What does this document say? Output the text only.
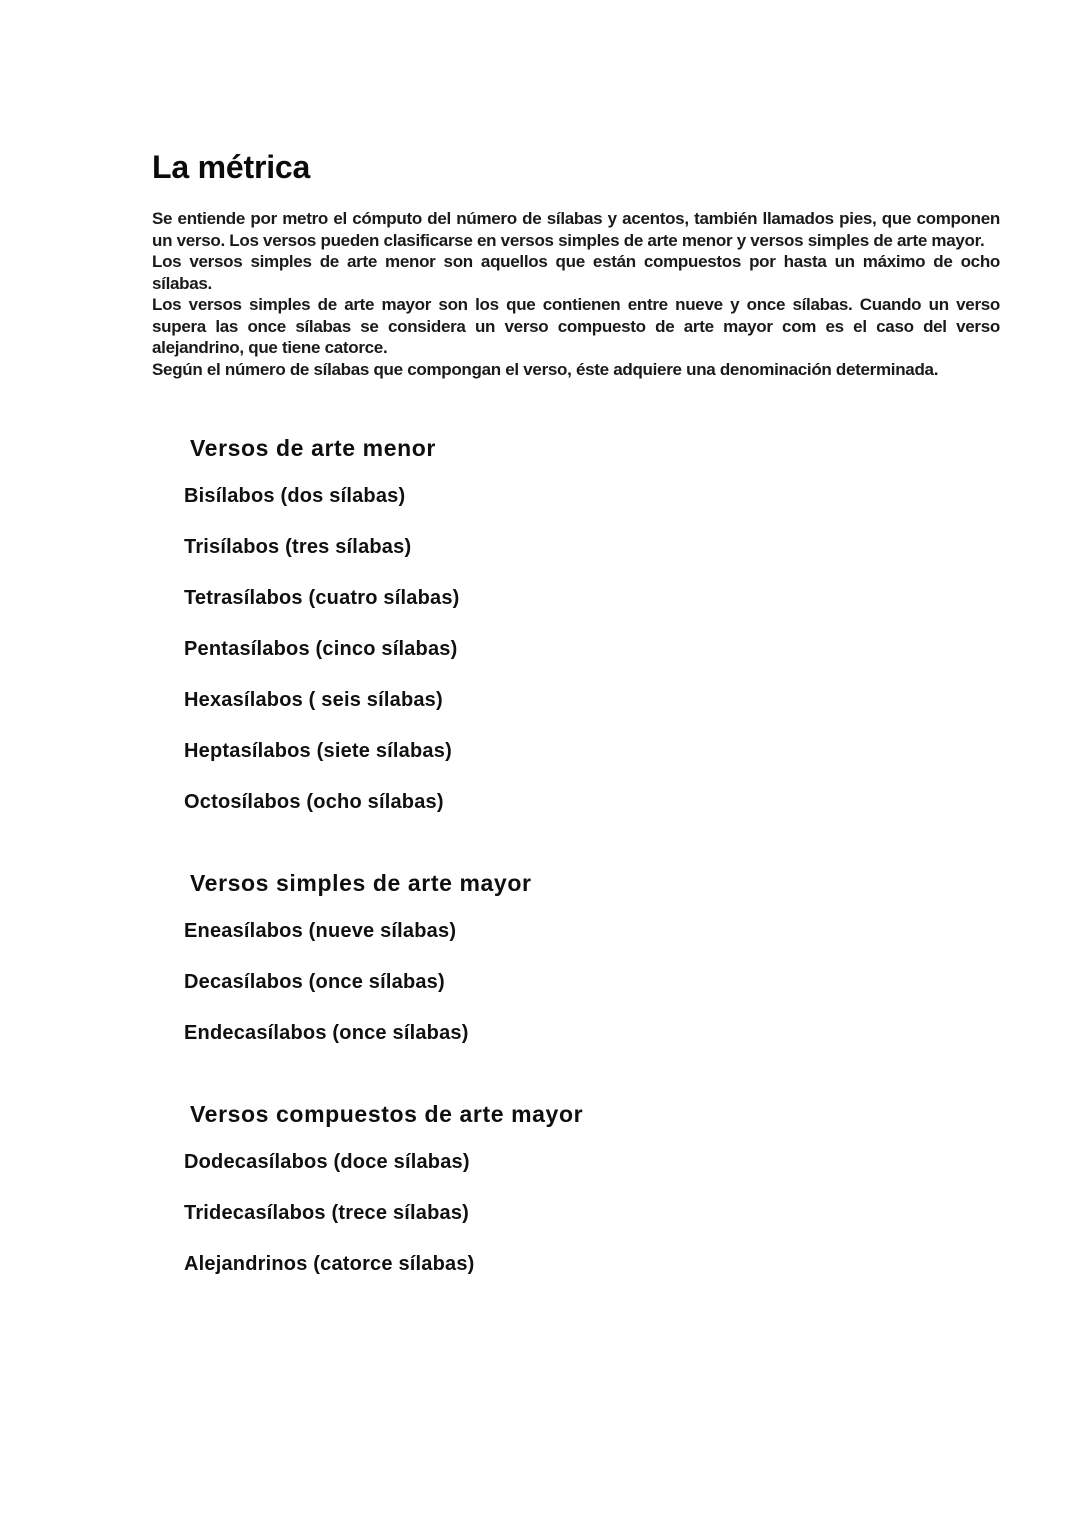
La métrica

Se entiende por metro el cómputo del número de sílabas y acentos, también llamados pies, que componen un verso. Los versos pueden clasificarse en versos simples de arte menor y versos simples de arte mayor.

Los versos simples de arte menor son aquellos que están compuestos por hasta un máximo de ocho sílabas.

Los versos simples de arte mayor son los que contienen entre nueve y once sílabas. Cuando un verso supera las once sílabas se considera un verso compuesto de arte mayor com es el caso del verso alejandrino, que tiene catorce.

Según el número de sílabas que compongan el verso, éste adquiere una denominación determinada.

Versos de arte menor

Bisílabos (dos sílabas)

Trisílabos (tres sílabas)

Tetrasílabos (cuatro sílabas)

Pentasílabos (cinco sílabas)

Hexasílabos ( seis sílabas)

Heptasílabos (siete sílabas)

Octosílabos (ocho sílabas)

Versos simples de arte mayor

Eneasílabos (nueve sílabas)

Decasílabos (once sílabas)

Endecasílabos (once sílabas)

Versos compuestos de arte mayor

Dodecasílabos (doce sílabas)

Tridecasílabos (trece sílabas)

Alejandrinos (catorce sílabas)
